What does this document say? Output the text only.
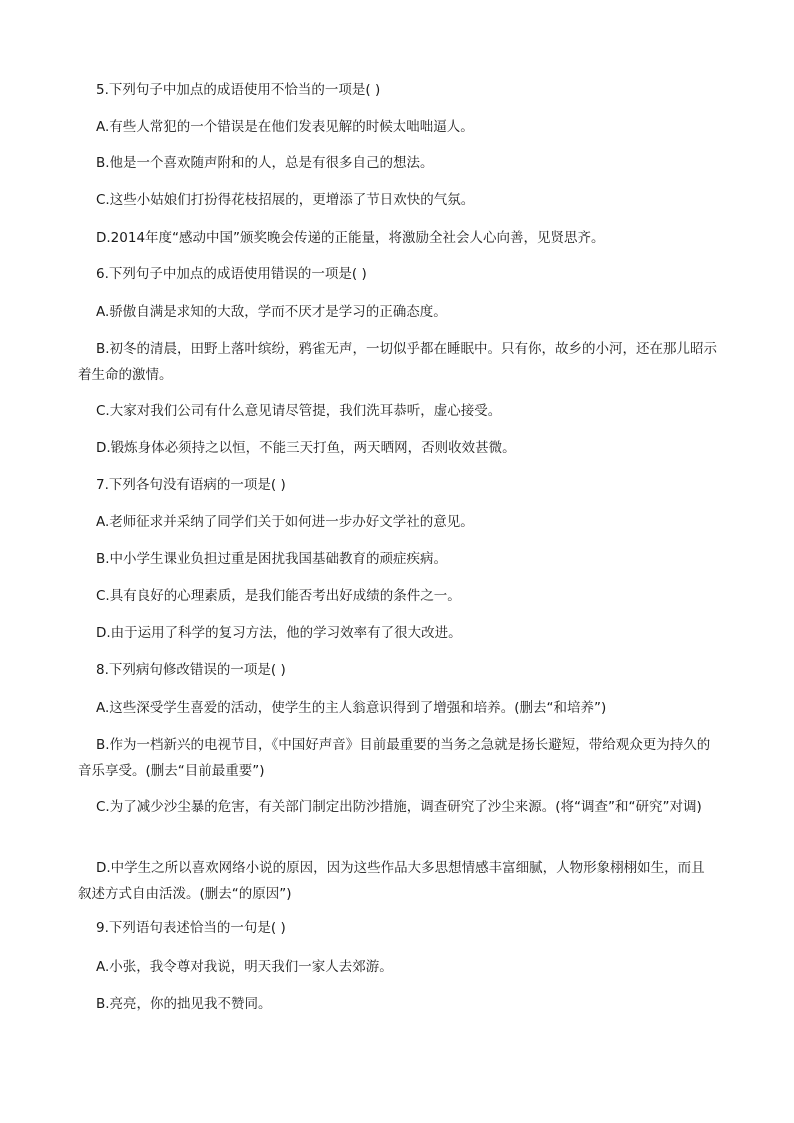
5.下列句子中加点的成语使用不恰当的一项是( )
A.有些人常犯的一个错误是在他们发表见解的时候太咄咄逼人。
B.他是一个喜欢随声附和的人，总是有很多自己的想法。
C.这些小姑娘们打扮得花枝招展的，更增添了节日欢快的气氛。
D.2014年度“感动中国”颁奖晚会传递的正能量，将激励全社会人心向善，见贤思齐。
6.下列句子中加点的成语使用错误的一项是( )
A.骄傲自满是求知的大敌，学而不厌才是学习的正确态度。
B.初冬的清晨，田野上落叶缤纷，鸦雀无声，一切似乎都在睡眠中。只有你，故乡的小河，还在那儿昭示着生命的激情。
C.大家对我们公司有什么意见请尽管提，我们洗耳恭听，虚心接受。
D.锻炼身体必须持之以恒，不能三天打鱼，两天晒网，否则收效甚微。
7.下列各句没有语病的一项是( )
A.老师征求并采纳了同学们关于如何进一步办好文学社的意见。
B.中小学生课业负担过重是困扰我国基础教育的顽症疾病。
C.具有良好的心理素质，是我们能否考出好成绩的条件之一。
D.由于运用了科学的复习方法，他的学习效率有了很大改进。
8.下列病句修改错误的一项是( )
A.这些深受学生喜爱的活动，使学生的主人翁意识得到了增强和培养。(删去“和培养”)
B.作为一档新兴的电视节目，《中国好声音》目前最重要的当务之急就是扬长避短，带给观众更为持久的音乐享受。(删去“目前最重要”)
C.为了减少沙尘暴的危害，有关部门制定出防沙措施，调查研究了沙尘来源。(将“调查”和“研究”对调)
D.中学生之所以喜欢网络小说的原因，因为这些作品大多思想情感丰富细腻，人物形象栩栩如生，而且叙述方式自由活泼。(删去“的原因”)
9.下列语句表述恰当的一句是( )
A.小张，我令尊对我说，明天我们一家人去郊游。
B.亮亮，你的拙见我不赞同。
